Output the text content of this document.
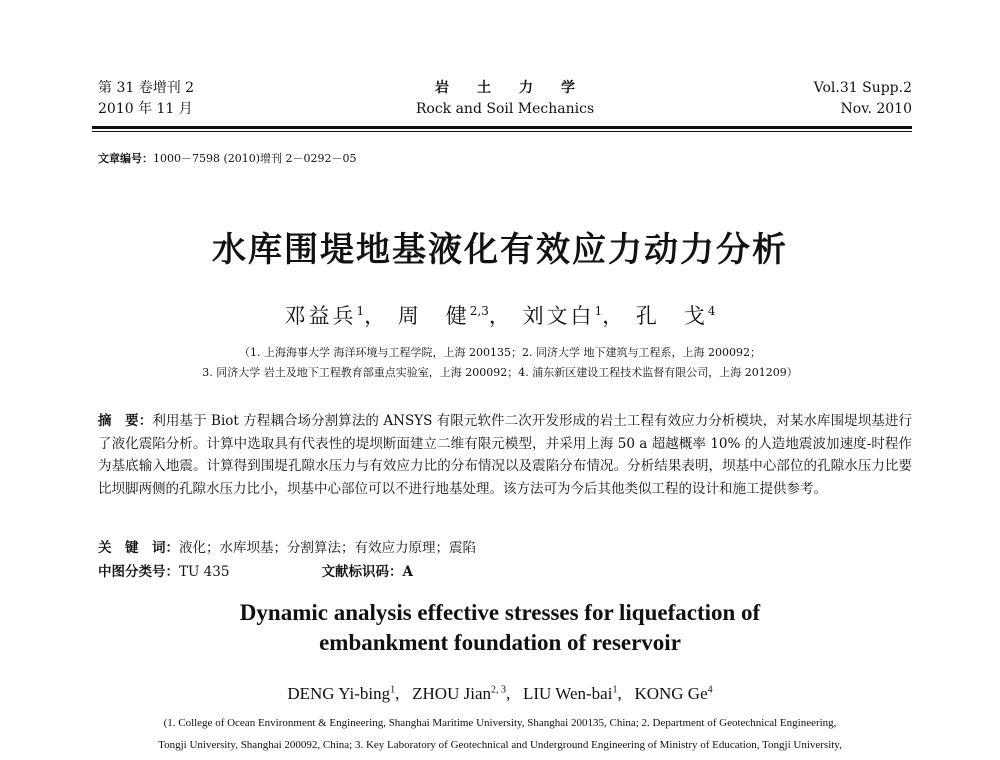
第 31 卷增刊 2
2010 年 11 月
岩土力学
Rock and Soil Mechanics
Vol.31 Supp.2
Nov. 2010
文章编号：1000－7598 (2010)增刊 2－0292－05
水库围堤地基液化有效应力动力分析
邓益兵$^1$， 周　健$^{2,3}$， 刘文白$^1$， 孔　戈$^4$
（1. 上海海事大学 海洋环境与工程学院，上海 200135；2. 同济大学 地下建筑与工程系，上海 200092；
3. 同济大学 岩土及地下工程教育部重点实验室，上海 200092；4. 浦东新区建设工程技术监督有限公司，上海 201209）
摘　要：利用基于 Biot 方程耦合场分割算法的 ANSYS 有限元软件二次开发形成的岩土工程有效应力分析模块，对某水库围堤坝基进行了液化震陷分析。计算中选取具有代表性的堤坝断面建立二维有限元模型，并采用上海 50 a 超越概率 10% 的人造地震波加速度-时程作为基底输入地震。计算得到围堤孔隙水压力与有效应力比的分布情况以及震陷分布情况。分析结果表明，坝基中心部位的孔隙水压力比要比坝脚两侧的孔隙水压力比小，坝基中心部位可以不进行地基处理。该方法可为今后其他类似工程的设计和施工提供参考。
关　键　词：液化；水库坝基；分割算法；有效应力原理；震陷
中图分类号：TU 435	文献标识码：A
Dynamic analysis effective stresses for liquefaction of
embankment foundation of reservoir
DENG Yi-bing$^1$,   ZHOU Jian$^{2, 3}$,   LIU Wen-bai$^1$,   KONG Ge$^4$
(1. College of Ocean Environment & Engineering, Shanghai Maritime University, Shanghai 200135, China; 2. Department of Geotechnical Engineering,
Tongji University, Shanghai 200092, China; 3. Key Laboratory of Geotechnical and Underground Engineering of Ministry of Education, Tongji University,
